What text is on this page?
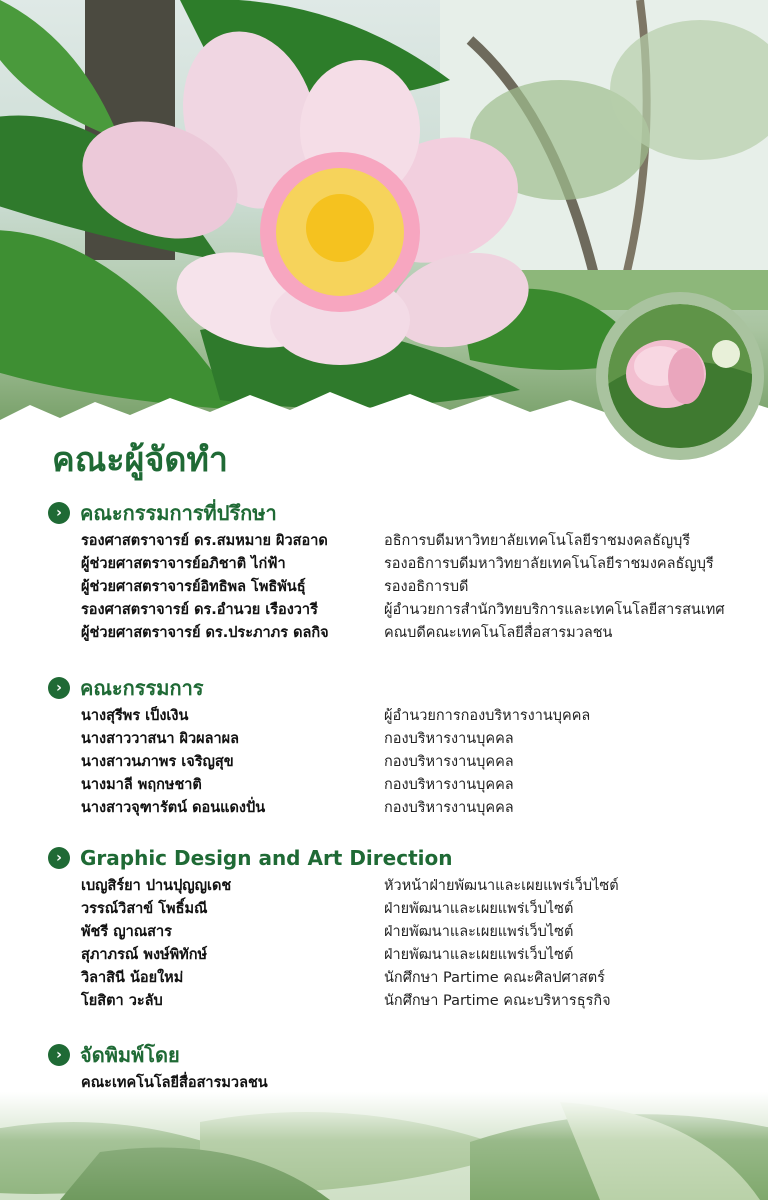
คณะผู้จัดทำ
› คณะกรรมการที่ปรึกษา
รองศาสตราจารย์ ดร.สมหมาย ผิวสอาด	อธิการบดีมหาวิทยาลัยเทคโนโลยีราชมงคลธัญบุรี
ผู้ช่วยศาสตราจารย์อภิชาติ ไก่ฟ้า	รองอธิการบดีมหาวิทยาลัยเทคโนโลยีราชมงคลธัญบุรี
ผู้ช่วยศาสตราจารย์อิทธิพล โพธิพันธุ์	รองอธิการบดี
รองศาสตราจารย์ ดร.อำนวย เรืองวารี	ผู้อำนวยการสำนักวิทยบริการและเทคโนโลยีสารสนเทศ
ผู้ช่วยศาสตราจารย์ ดร.ประภาภร ดลกิจ	คณบดีคณะเทคโนโลยีสื่อสารมวลชน
› คณะกรรมการ
นางสุรีพร เป็งเงิน	ผู้อำนวยการกองบริหารงานบุคคล
นางสาววาสนา ผิวผลาผล	กองบริหารงานบุคคล
นางสาวนภาพร เจริญสุข	กองบริหารงานบุคคล
นางมาลี พฤกษชาติ	กองบริหารงานบุคคล
นางสาวจุฑารัตน์ ดอนแดงปั่น	กองบริหารงานบุคคล
› Graphic Design and Art Direction
เบญสิร์ยา ปานปุญญเดช	หัวหน้าฝ่ายพัฒนาและเผยแพร่เว็บไซต์
วรรณ์วิสาข์ โพธิ์มณี	ฝ่ายพัฒนาและเผยแพร่เว็บไซต์
พัชรี ญาณสาร	ฝ่ายพัฒนาและเผยแพร่เว็บไซต์
สุภาภรณ์ พงษ์พิทักษ์	ฝ่ายพัฒนาและเผยแพร่เว็บไซต์
วิลาสินี น้อยใหม่	นักศึกษา Partime คณะศิลปศาสตร์
โยสิตา วะลับ	นักศึกษา Partime คณะบริหารธุรกิจ
› จัดพิมพ์โดย
คณะเทคโนโลยีสื่อสารมวลชน
